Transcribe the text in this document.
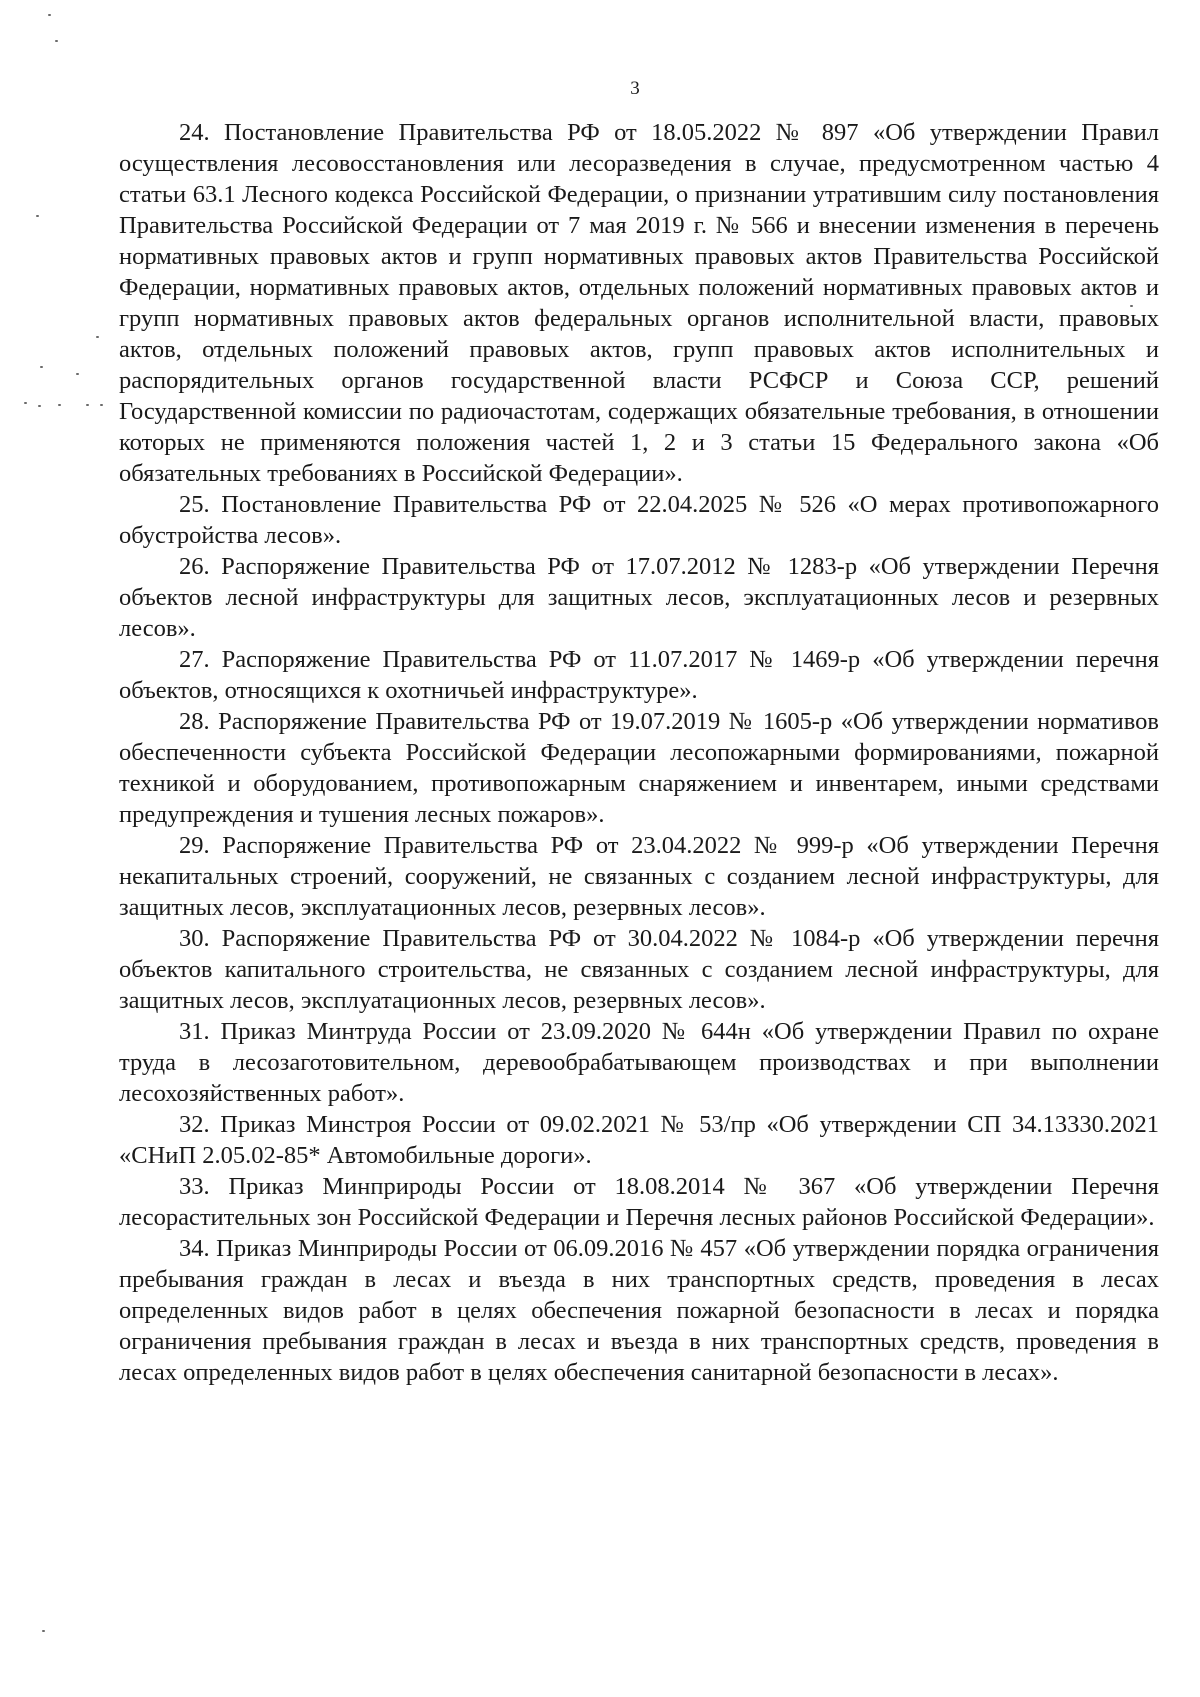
3

24. Постановление Правительства РФ от 18.05.2022 № 897 «Об утверждении Правил осуществления лесовосстановления или лесоразведения в случае, предусмотренном частью 4 статьи 63.1 Лесного кодекса Российской Федерации, о признании утратившим силу постановления Правительства Российской Федерации от 7 мая 2019 г. № 566 и внесении изменения в перечень нормативных правовых актов и групп нормативных правовых актов Правительства Российской Федерации, нормативных правовых актов, отдельных положений нормативных правовых актов и групп нормативных правовых актов федеральных органов исполнительной власти, правовых актов, отдельных положений правовых актов, групп правовых актов исполнительных и распорядительных органов государственной власти РСФСР и Союза ССР, решений Государственной комиссии по радиочастотам, содержащих обязательные требования, в отношении которых не применяются положения частей 1, 2 и 3 статьи 15 Федерального закона «Об обязательных требованиях в Российской Федерации».

25. Постановление Правительства РФ от 22.04.2025 № 526 «О мерах противопожарного обустройства лесов».

26. Распоряжение Правительства РФ от 17.07.2012 № 1283-р «Об утверждении Перечня объектов лесной инфраструктуры для защитных лесов, эксплуатационных лесов и резервных лесов».

27. Распоряжение Правительства РФ от 11.07.2017 № 1469-р «Об утверждении перечня объектов, относящихся к охотничьей инфраструктуре».

28. Распоряжение Правительства РФ от 19.07.2019 № 1605-р «Об утверждении нормативов обеспеченности субъекта Российской Федерации лесопожарными формированиями, пожарной техникой и оборудованием, противопожарным снаряжением и инвентарем, иными средствами предупреждения и тушения лесных пожаров».

29. Распоряжение Правительства РФ от 23.04.2022 № 999-р «Об утверждении Перечня некапитальных строений, сооружений, не связанных с созданием лесной инфраструктуры, для защитных лесов, эксплуатационных лесов, резервных лесов».

30. Распоряжение Правительства РФ от 30.04.2022 № 1084-р «Об утверждении перечня объектов капитального строительства, не связанных с созданием лесной инфраструктуры, для защитных лесов, эксплуатационных лесов, резервных лесов».

31. Приказ Минтруда России от 23.09.2020 № 644н «Об утверждении Правил по охране труда в лесозаготовительном, деревообрабатывающем производствах и при выполнении лесохозяйственных работ».

32. Приказ Минстроя России от 09.02.2021 № 53/пр «Об утверждении СП 34.13330.2021 «СНиП 2.05.02-85* Автомобильные дороги».

33. Приказ Минприроды России от 18.08.2014 № 367 «Об утверждении Перечня лесорастительных зон Российской Федерации и Перечня лесных районов Российской Федерации».

34. Приказ Минприроды России от 06.09.2016 № 457 «Об утверждении порядка ограничения пребывания граждан в лесах и въезда в них транспортных средств, проведения в лесах определенных видов работ в целях обеспечения пожарной безопасности в лесах и порядка ограничения пребывания граждан в лесах и въезда в них транспортных средств, проведения в лесах определенных видов работ в целях обеспечения санитарной безопасности в лесах».
